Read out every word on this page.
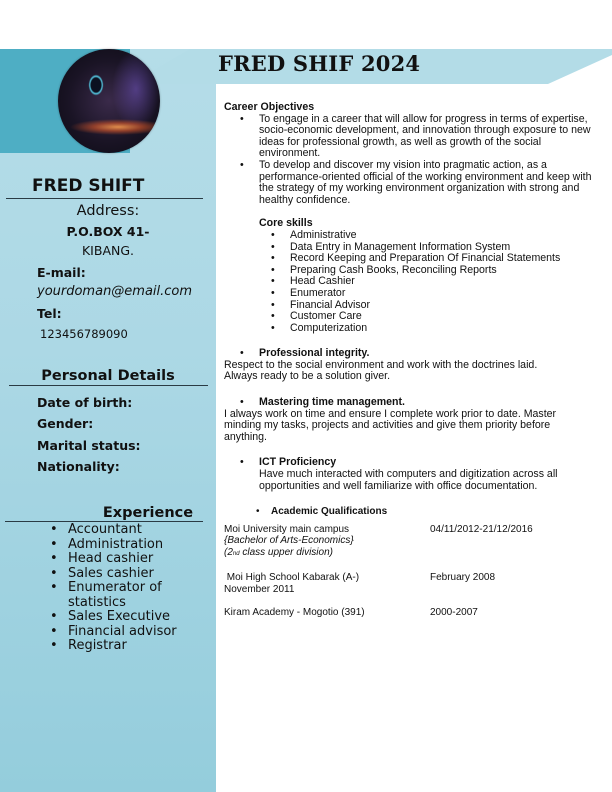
FRED SHIF 2024
FRED SHIFT
Address:
P.O.BOX 41-
KIBANG.
E-mail:
yourdoman@email.com
Tel:
123456789090
Personal Details
Date of birth:
Gender:
Marital status:
Nationality:
Experience
• Accountant
• Administration
• Head cashier
• Sales cashier
• Enumerator of statistics
• Sales Executive
• Financial advisor
• Registrar
Career Objectives
• To engage in a career that will allow for progress in terms of expertise, socio-economic development, and innovation through exposure to new ideas for professional growth, as well as growth of the social environment.
• To develop and discover my vision into pragmatic action, as a performance-oriented official of the working environment and keep with the strategy of my working environment organization with strong and healthy confidence.
Core skills
• Administrative
• Data Entry in Management Information System
• Record Keeping and Preparation Of Financial Statements
• Preparing Cash Books, Reconciling Reports
• Head Cashier
• Enumerator
• Financial Advisor
• Customer Care
• Computerization
• Professional integrity.
Respect to the social environment and work with the doctrines laid. Always ready to be a solution giver.
• Mastering time management.
I always work on time and ensure I complete work prior to date. Master minding my tasks, projects and activities and give them priority before anything.
• ICT Proficiency
Have much interacted with computers and digitization across all opportunities and well familiarize with office documentation.
• Academic Qualifications
Moi University main campus
{Bachelor of Arts-Economics}
(2nd class upper division)
04/11/2012-21/12/2016
Moi High School Kabarak (A-)
November 2011
February 2008
Kiram Academy - Mogotio (391)	2000-2007
